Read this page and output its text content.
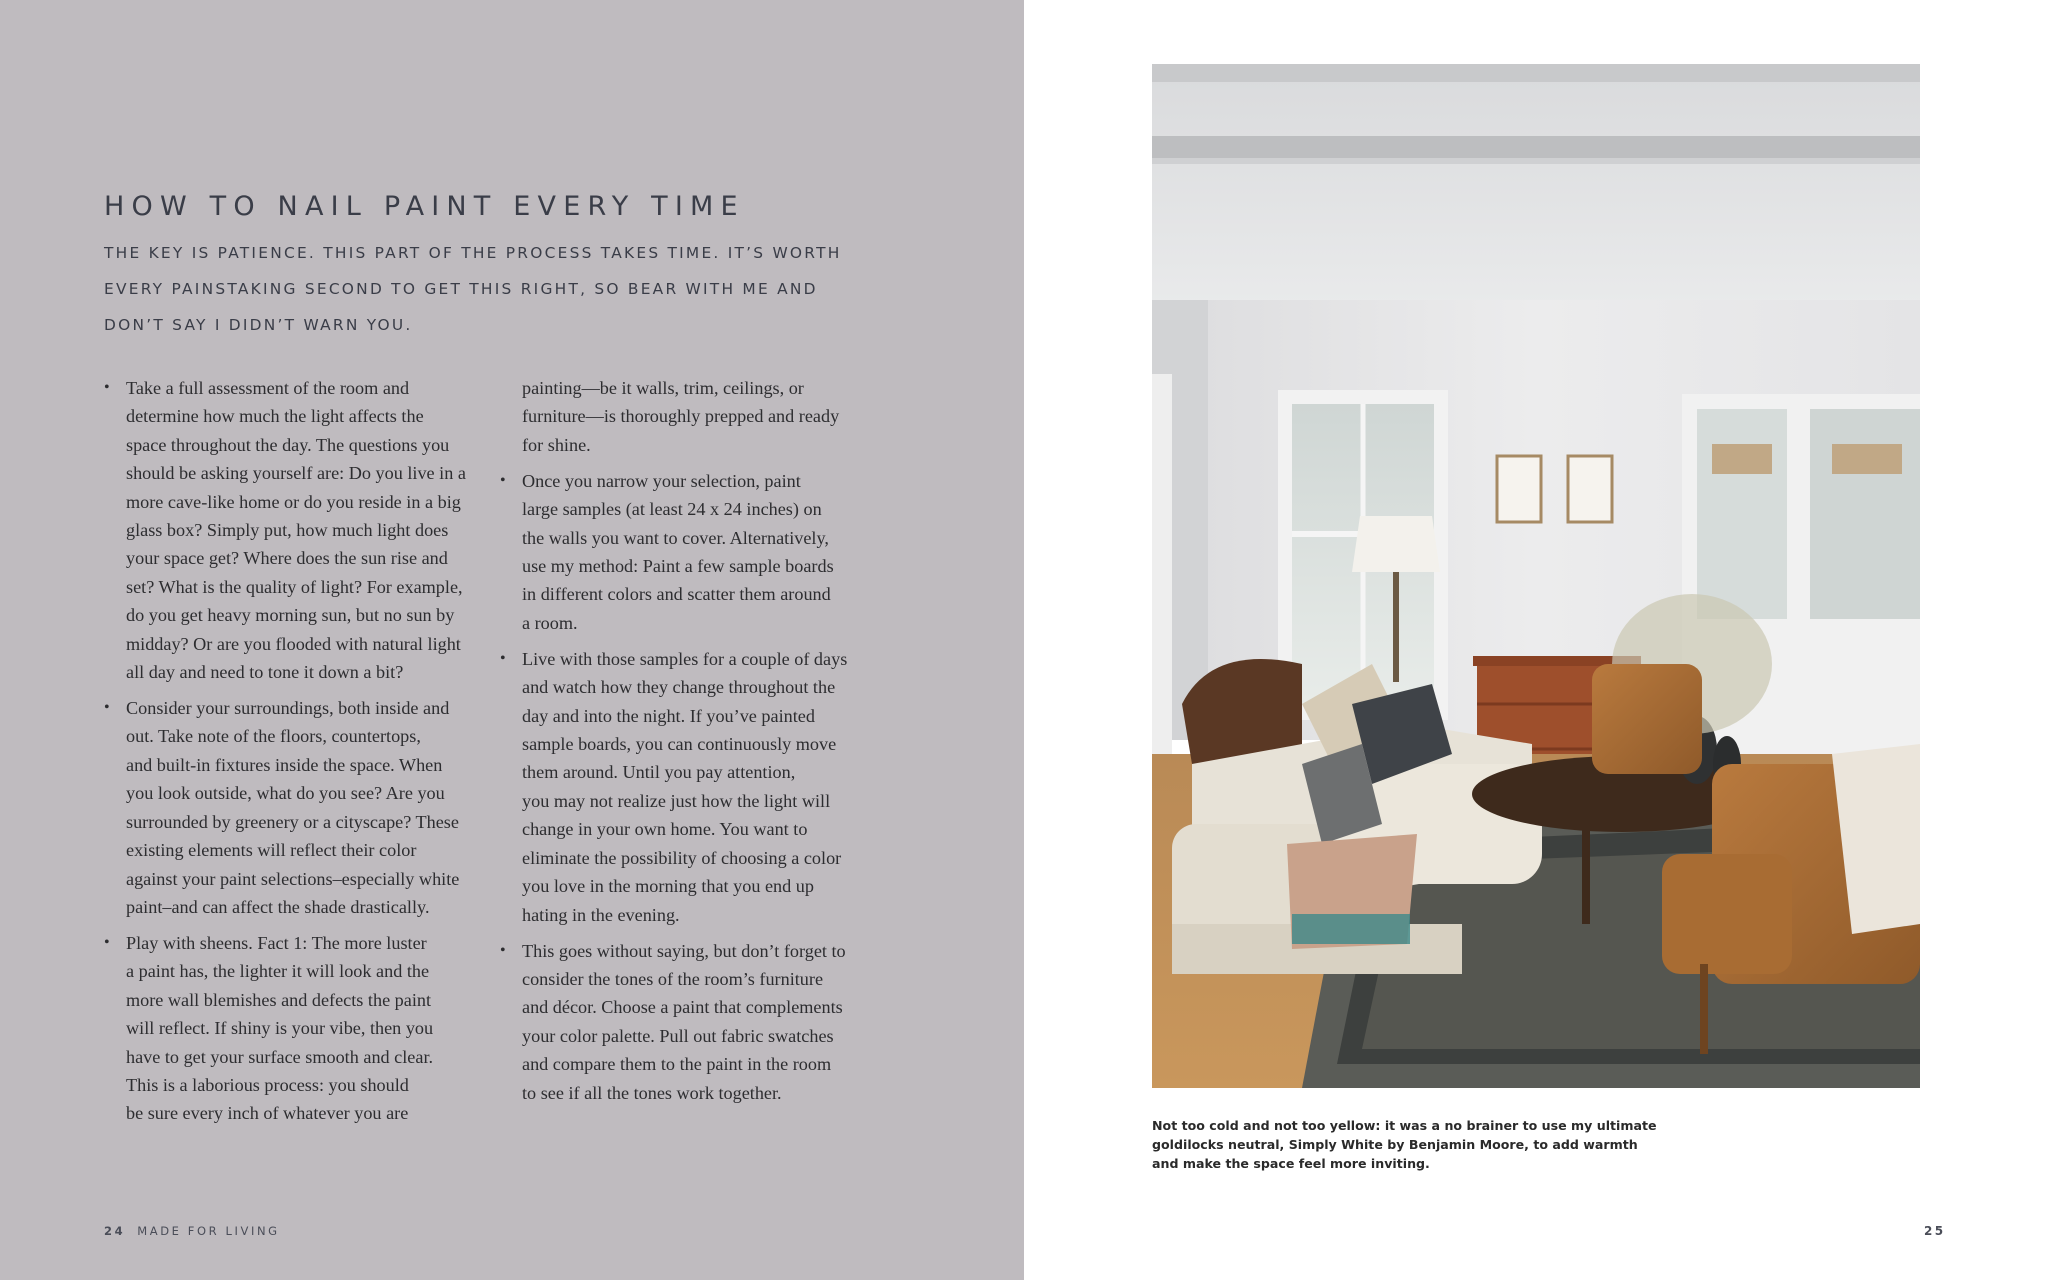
HOW TO NAIL PAINT EVERY TIME
THE KEY IS PATIENCE. THIS PART OF THE PROCESS TAKES TIME. IT’S WORTH
EVERY PAINSTAKING SECOND TO GET THIS RIGHT, SO BEAR WITH ME AND
DON’T SAY I DIDN’T WARN YOU.

• Take a full assessment of the room and
determine how much the light affects the
space throughout the day. The questions you
should be asking yourself are: Do you live in a
more cave-like home or do you reside in a big
glass box? Simply put, how much light does
your space get? Where does the sun rise and
set? What is the quality of light? For example,
do you get heavy morning sun, but no sun by
midday? Or are you flooded with natural light
all day and need to tone it down a bit?

• Consider your surroundings, both inside and
out. Take note of the floors, countertops,
and built-in fixtures inside the space. When
you look outside, what do you see? Are you
surrounded by greenery or a cityscape? These
existing elements will reflect their color
against your paint selections–especially white
paint–and can affect the shade drastically.

• Play with sheens. Fact 1: The more luster
a paint has, the lighter it will look and the
more wall blemishes and defects the paint
will reflect. If shiny is your vibe, then you
have to get your surface smooth and clear.
This is a laborious process: you should
be sure every inch of whatever you are

painting—be it walls, trim, ceilings, or
furniture—is thoroughly prepped and ready
for shine.

• Once you narrow your selection, paint
large samples (at least 24 x 24 inches) on
the walls you want to cover. Alternatively,
use my method: Paint a few sample boards
in different colors and scatter them around
a room.

• Live with those samples for a couple of days
and watch how they change throughout the
day and into the night. If you’ve painted
sample boards, you can continuously move
them around. Until you pay attention,
you may not realize just how the light will
change in your own home. You want to
eliminate the possibility of choosing a color
you love in the morning that you end up
hating in the evening.

• This goes without saying, but don’t forget to
consider the tones of the room’s furniture
and décor. Choose a paint that complements
your color palette. Pull out fabric swatches
and compare them to the paint in the room
to see if all the tones work together.

24 MADE FOR LIVING
Not too cold and not too yellow: it was a no brainer to use my ultimate
goldilocks neutral, Simply White by Benjamin Moore, to add warmth
and make the space feel more inviting.
25
